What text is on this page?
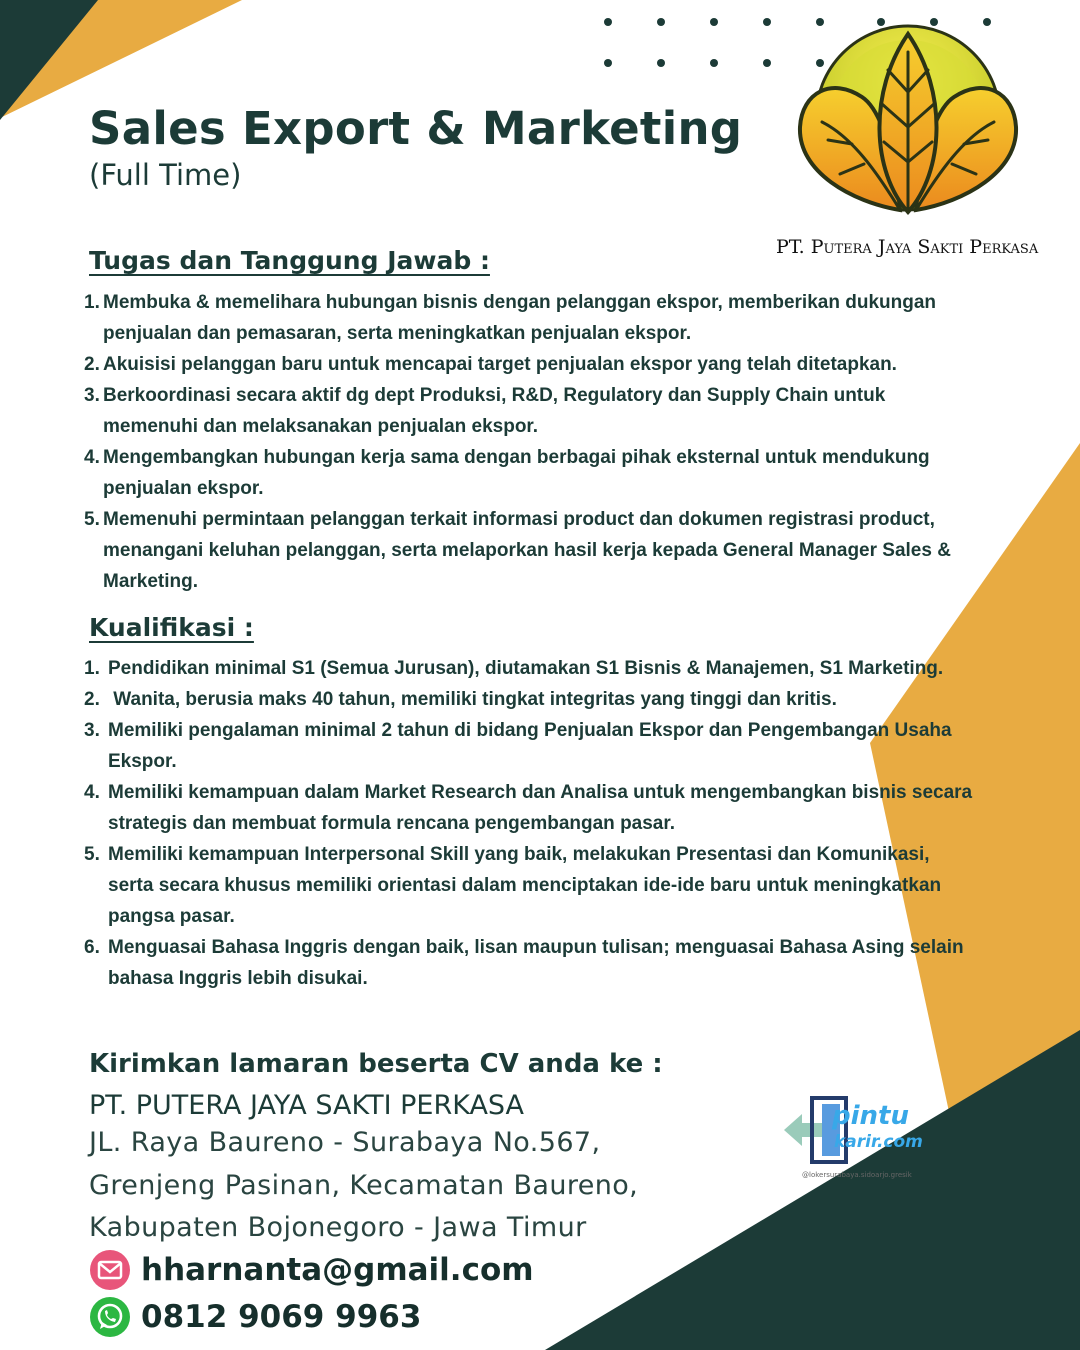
PT. Putera Jaya Sakti Perkasa
Sales Export & Marketing
(Full Time)
Tugas dan Tanggung Jawab :
1. Membuka & memelihara hubungan bisnis dengan pelanggan ekspor, memberikan dukungan
penjualan dan pemasaran, serta meningkatkan penjualan ekspor.
2. Akuisisi pelanggan baru untuk mencapai target penjualan ekspor yang telah ditetapkan.
3. Berkoordinasi secara aktif dg dept Produksi, R&D, Regulatory dan Supply Chain untuk
memenuhi dan melaksanakan penjualan ekspor.
4. Mengembangkan hubungan kerja sama dengan berbagai pihak eksternal untuk mendukung
penjualan ekspor.
5. Memenuhi permintaan pelanggan terkait informasi product dan dokumen registrasi product,
menangani keluhan pelanggan, serta melaporkan hasil kerja kepada General Manager Sales &
Marketing.
Kualifikasi :
1. Pendidikan minimal S1 (Semua Jurusan), diutamakan S1 Bisnis & Manajemen, S1 Marketing.
2. Wanita, berusia maks 40 tahun, memiliki tingkat integritas yang tinggi dan kritis.
3. Memiliki pengalaman minimal 2 tahun di bidang Penjualan Ekspor dan Pengembangan Usaha
Ekspor.
4. Memiliki kemampuan dalam Market Research dan Analisa untuk mengembangkan bisnis secara
strategis dan membuat formula rencana pengembangan pasar.
5. Memiliki kemampuan Interpersonal Skill yang baik, melakukan Presentasi dan Komunikasi,
serta secara khusus memiliki orientasi dalam menciptakan ide-ide baru untuk meningkatkan
pangsa pasar.
6. Menguasai Bahasa Inggris dengan baik, lisan maupun tulisan; menguasai Bahasa Asing selain
bahasa Inggris lebih disukai.
Kirimkan lamaran beserta CV anda ke :
PT. PUTERA JAYA SAKTI PERKASA
JL. Raya Baureno - Surabaya No.567,
Grenjeng Pasinan, Kecamatan Baureno,
Kabupaten Bojonegoro - Jawa Timur
hharnanta@gmail.com
0812 9069 9963
pintu
karir.com
@lokersurabaya.sidoarjo.gresik
